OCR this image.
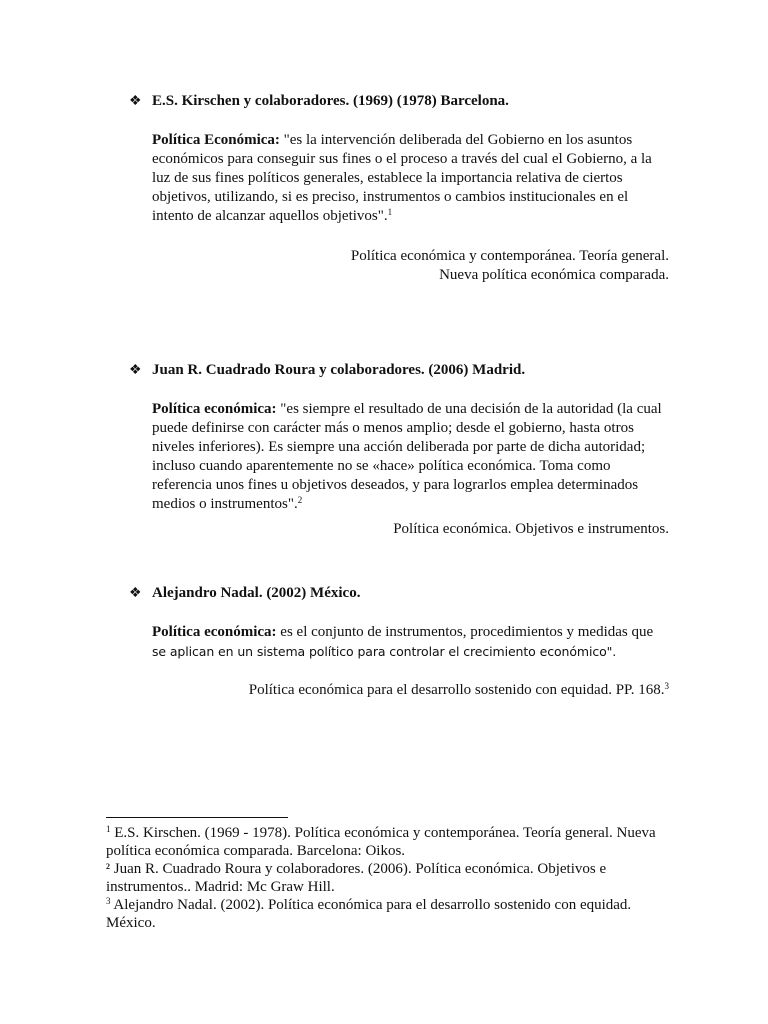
❖ E.S. Kirschen y colaboradores. (1969) (1978) Barcelona.

Política Económica: "es la intervención deliberada del Gobierno en los asuntos económicos para conseguir sus fines o el proceso a través del cual el Gobierno, a la luz de sus fines políticos generales, establece la importancia relativa de ciertos objetivos, utilizando, si es preciso, instrumentos o cambios institucionales en el intento de alcanzar aquellos objetivos".$^1$

Política económica y contemporánea. Teoría general.
Nueva política económica comparada.

❖ Juan R. Cuadrado Roura y colaboradores. (2006) Madrid.

Política económica: "es siempre el resultado de una decisión de la autoridad (la cual puede definirse con carácter más o menos amplio; desde el gobierno, hasta otros niveles inferiores). Es siempre una acción deliberada por parte de dicha autoridad; incluso cuando aparentemente no se «hace» política económica. Toma como referencia unos fines u objetivos deseados, y para lograrlos emplea determinados medios o instrumentos".$^2$

Política económica. Objetivos e instrumentos.

❖ Alejandro Nadal. (2002) México.

Política económica: es el conjunto de instrumentos, procedimientos y medidas que
se aplican en un sistema político para controlar el crecimiento económico".

Política económica para el desarrollo sostenido con equidad. PP. 168.$^3$

$^1$ E.S. Kirschen. (1969 - 1978). Política económica y contemporánea. Teoría general. Nueva política económica comparada. Barcelona: Oikos.

$^2$ Juan R. Cuadrado Roura y colaboradores. (2006). Política económica. Objetivos e instrumentos.. Madrid: Mc Graw Hill.

$^3$ Alejandro Nadal. (2002). Política económica para el desarrollo sostenido con equidad. México.
